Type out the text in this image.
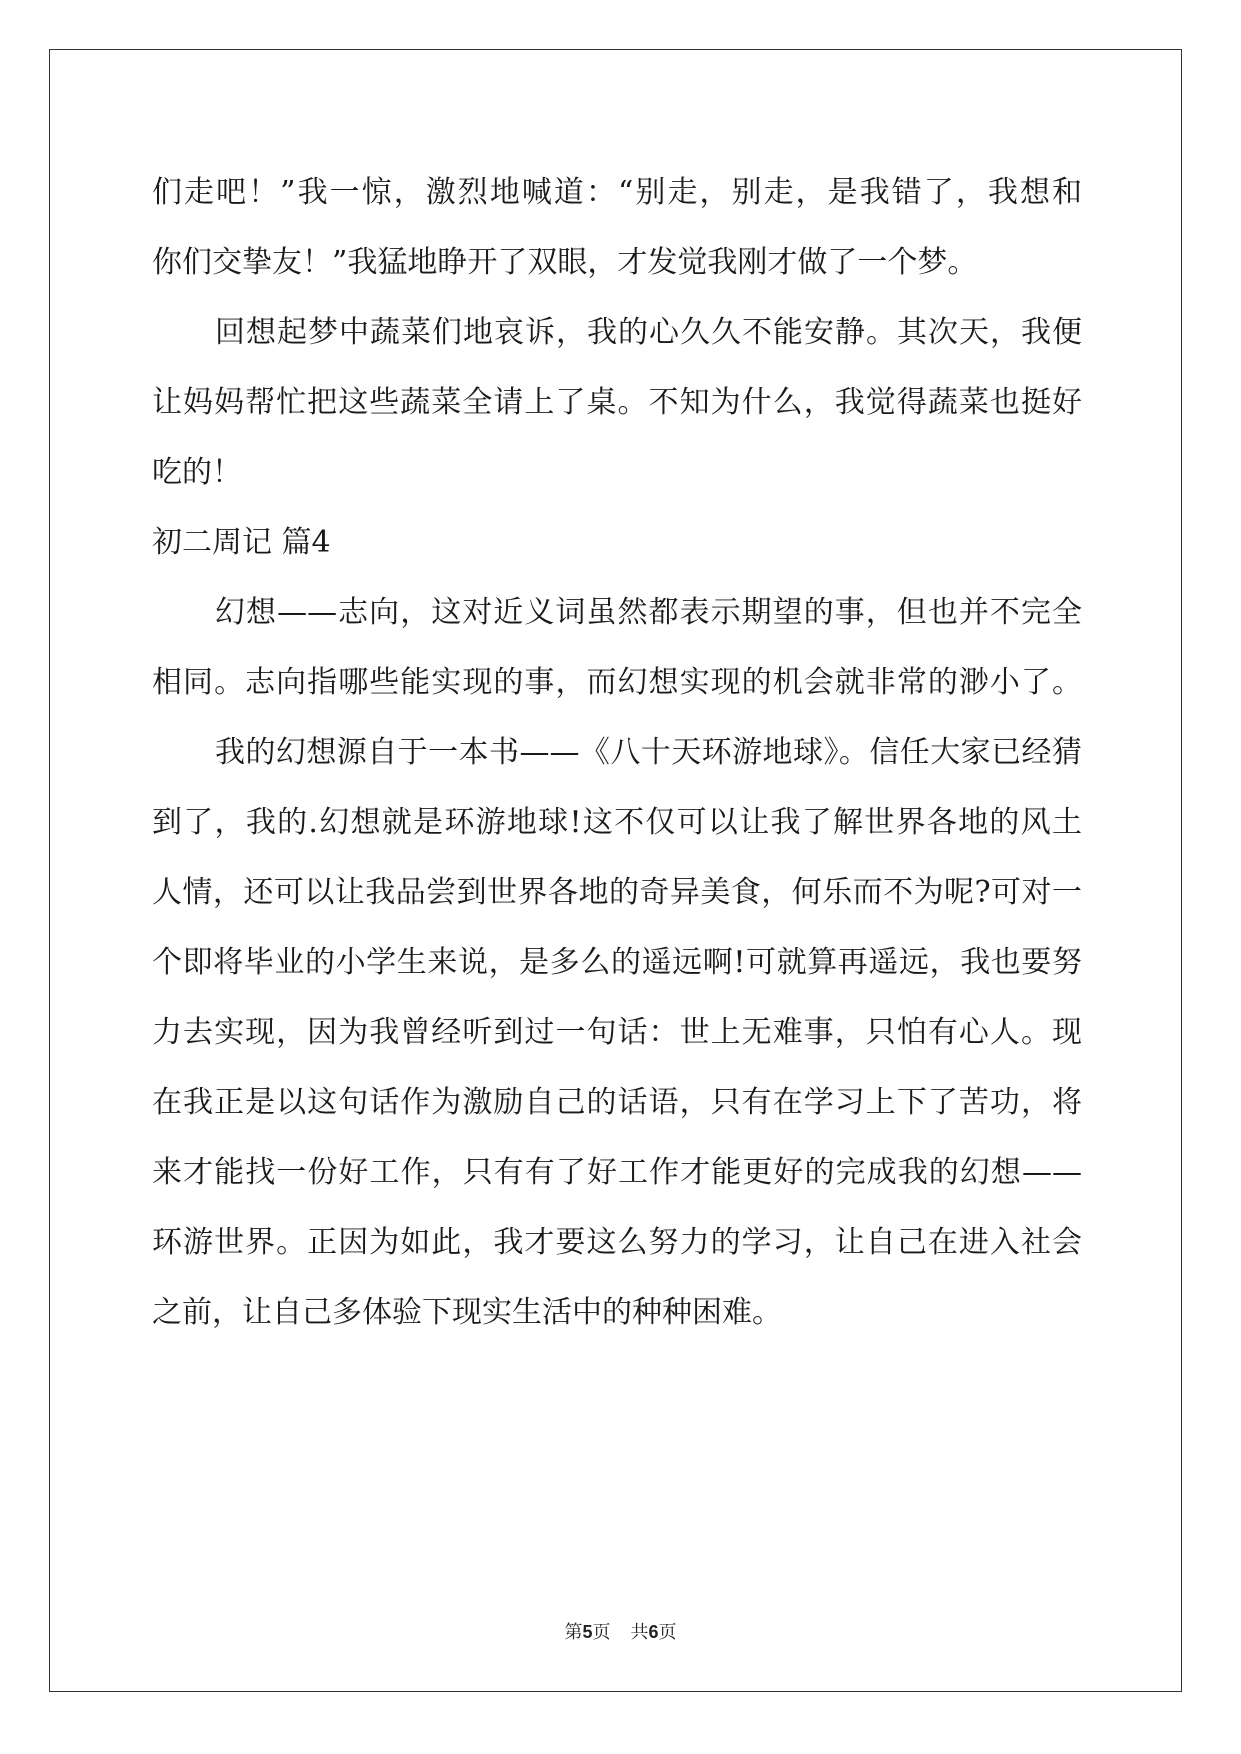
们走吧！”我一惊，激烈地喊道：“别走，别走，是我错了，我想和
你们交挚友！”我猛地睁开了双眼，才发觉我刚才做了一个梦。
回想起梦中蔬菜们地哀诉，我的心久久不能安静。其次天，我便
让妈妈帮忙把这些蔬菜全请上了桌。不知为什么，我觉得蔬菜也挺好
吃的！
初二周记 篇4
幻想——志向，这对近义词虽然都表示期望的事，但也并不完全
相同。志向指哪些能实现的事，而幻想实现的机会就非常的渺小了。
我的幻想源自于一本书——《八十天环游地球》。信任大家已经猜
到了，我的.幻想就是环游地球!这不仅可以让我了解世界各地的风土
人情，还可以让我品尝到世界各地的奇异美食，何乐而不为呢?可对一
个即将毕业的小学生来说，是多么的遥远啊!可就算再遥远，我也要努
力去实现，因为我曾经听到过一句话：世上无难事，只怕有心人。现
在我正是以这句话作为激励自己的话语，只有在学习上下了苦功，将
来才能找一份好工作，只有有了好工作才能更好的完成我的幻想——
环游世界。正因为如此，我才要这么努力的学习，让自己在进入社会
之前，让自己多体验下现实生活中的种种困难。
第5页 共6页
